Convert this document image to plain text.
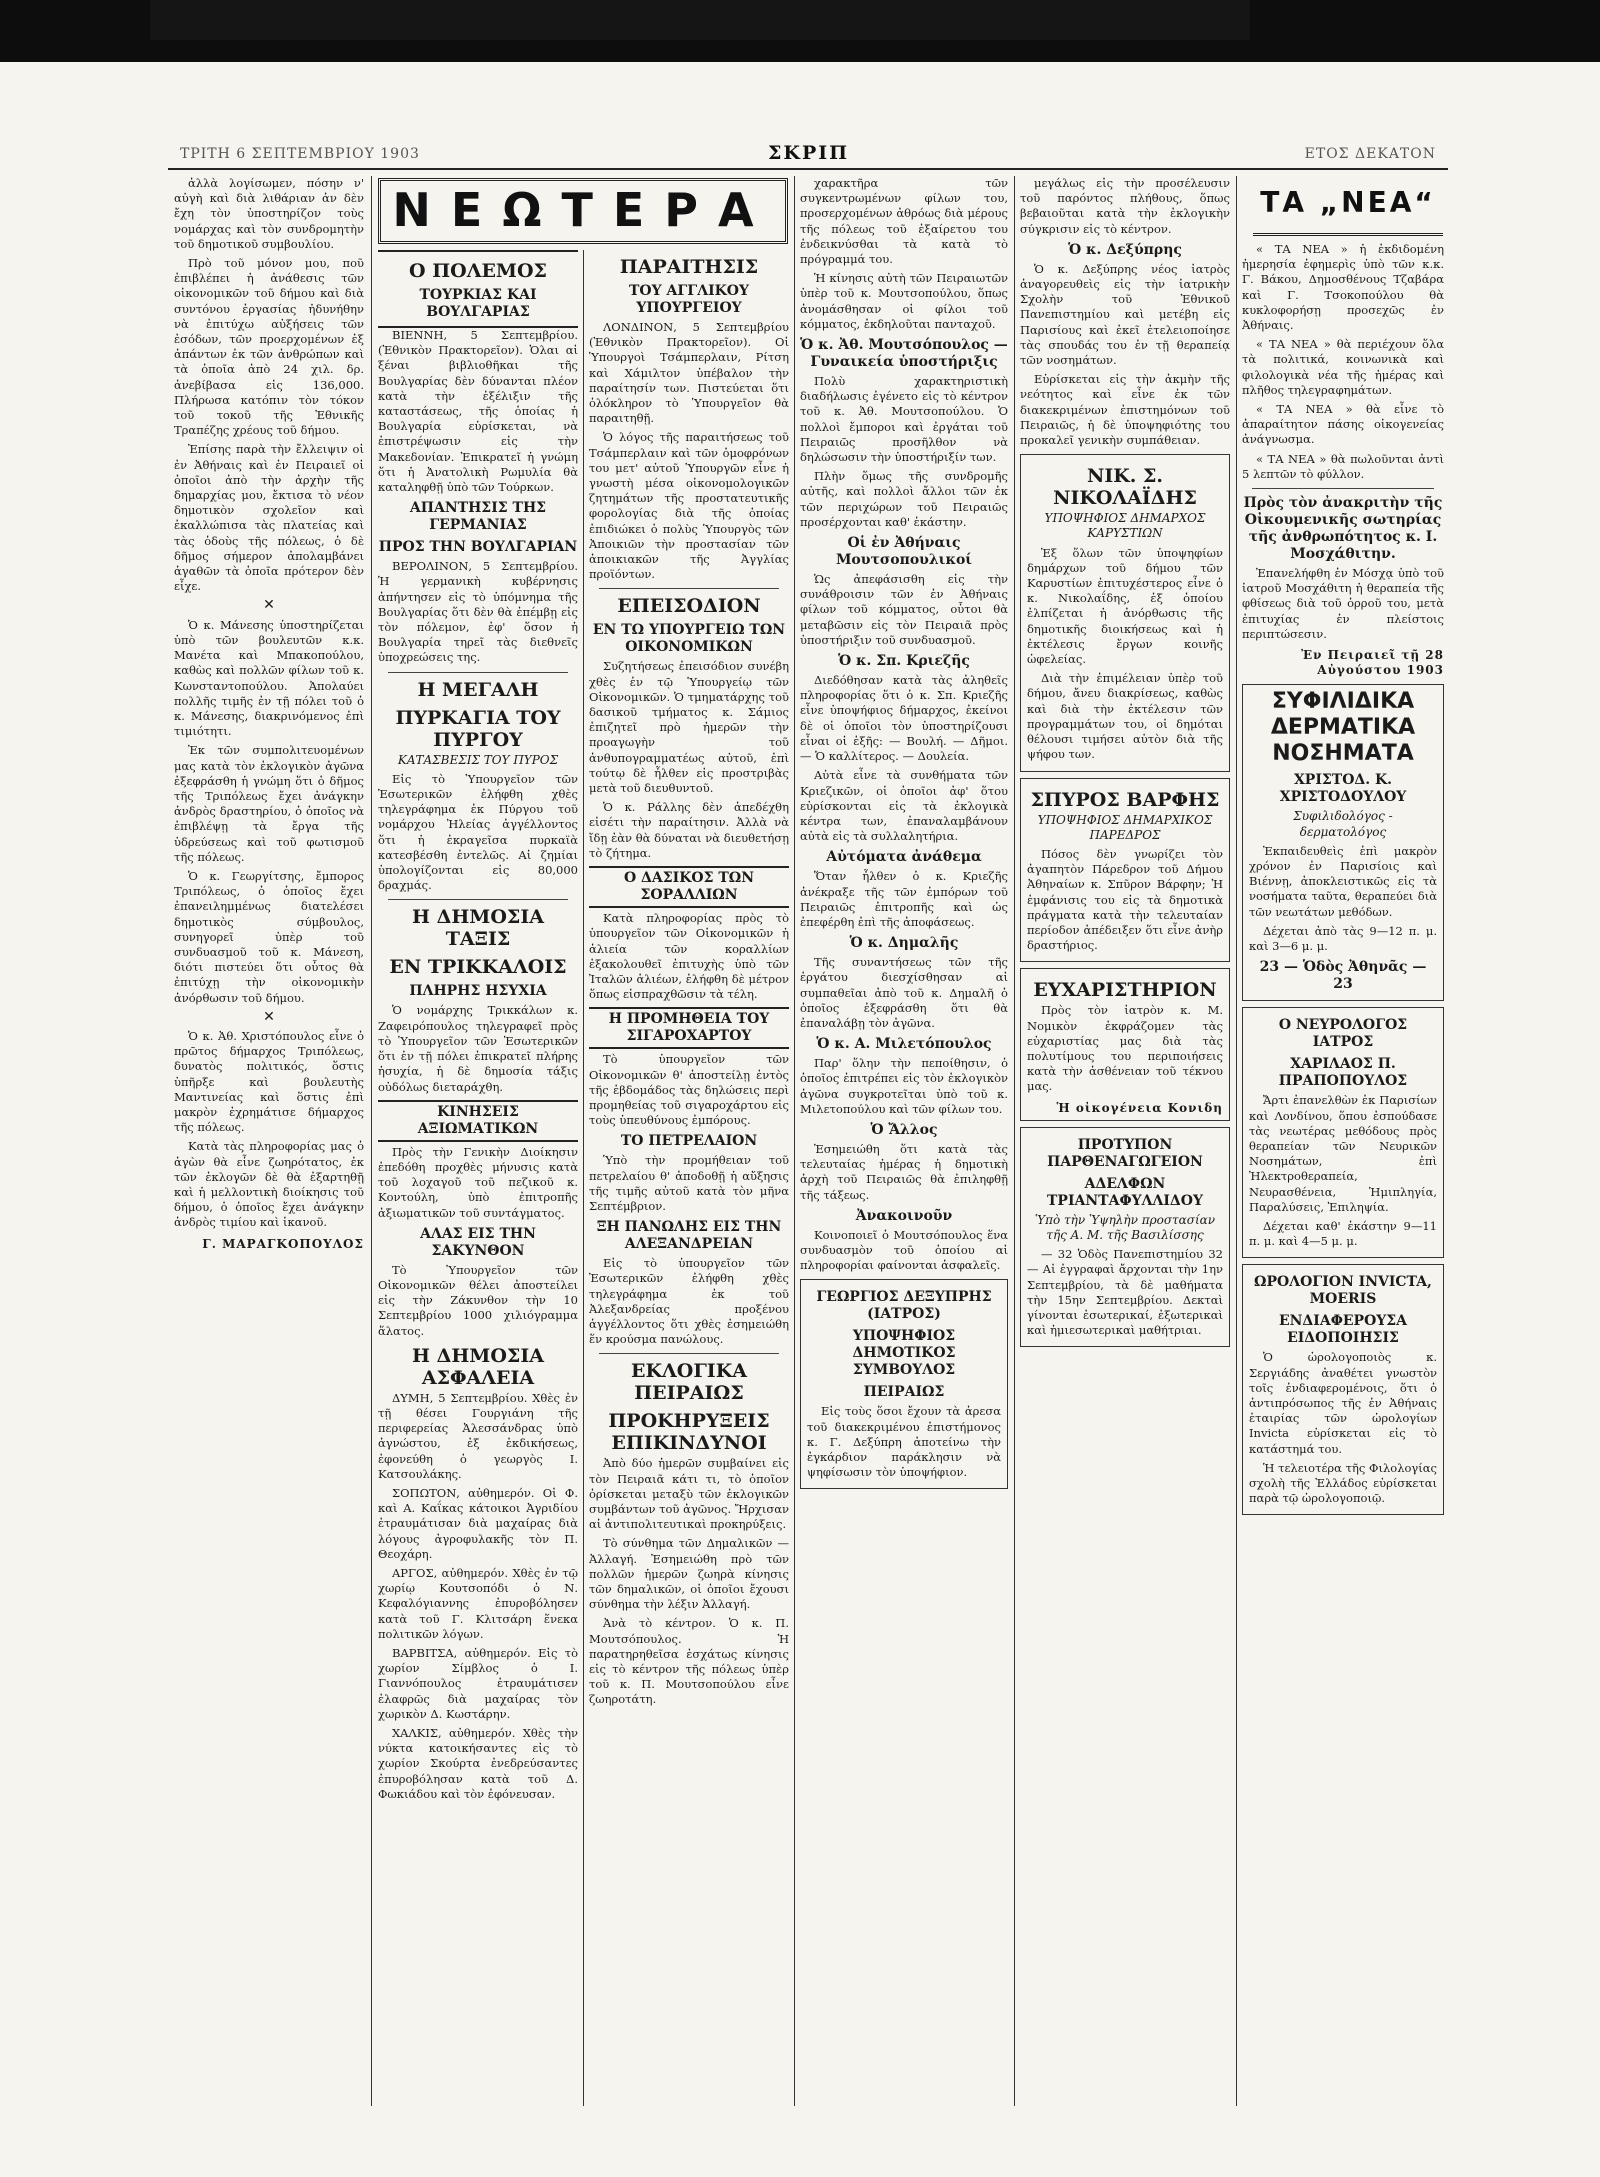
ΤΡΙΤΗ 6 ΣΕΠΤΕΜΒΡΙΟΥ 1903	ΣΚΡΙΠ	ΕΤΟΣ ΔΕΚΑΤΟΝ

ἀλλὰ λογίσωμεν, πόσην ν' αὐγὴ καὶ διὰ λιθάριαν ἀν δὲν ἔχη τὸν ὑποστηρίζον τοὺς νομάρχας καὶ τὸν συνδρομητὴν τοῦ δημοτικοῦ συμβουλίου.

Πρὸ τοῦ μόνον μου, ποῦ ἐπιβλέπει ἡ ἀνάθεσις τῶν οἰκονομικῶν τοῦ δήμου καὶ διὰ συντόνου ἐργασίας ἠδυνήθην νὰ ἐπιτύχω αὐξήσεις τῶν ἐσόδων, τῶν προερχομένων ἐξ ἀπάντων ἐκ τῶν ἀνθρώπων καὶ τὰ ὁποῖα ἀπὸ 24 χιλ. δρ. ἀνεβίβασα εἰς 136,000. Πλήρωσα κατόπιν τὸν τόκον τοῦ τοκοῦ τῆς Ἐθνικῆς Τραπέζης χρέους τοῦ δήμου.

Ἐπίσης παρὰ τὴν ἔλλειψιν οἱ ἐν Ἀθήναις καὶ ἐν Πειραιεῖ οἱ ὁποῖοι ἀπὸ τὴν ἀρχὴν τῆς δημαρχίας μου, ἔκτισα τὸ νέον δημοτικὸν σχολεῖον καὶ ἐκαλλώπισα τὰς πλατείας καὶ τὰς ὁδοὺς τῆς πόλεως, ὁ δὲ δῆμος σήμερον ἀπολαμβάνει ἀγαθῶν τὰ ὁποῖα πρότερον δὲν εἶχε.

✕

Ὁ κ. Μάνεσης ὑποστηρίζεται ὑπὸ τῶν βουλευτῶν κ.κ. Μανέτα καὶ Μπακοπούλου, καθὼς καὶ πολλῶν φίλων τοῦ κ. Κωνσταντοπούλου. Ἀπολαύει πολλῆς τιμῆς ἐν τῇ πόλει τοῦ ὁ κ. Μάνεσης, διακρινόμενος ἐπὶ τιμιότητι.

Ἐκ τῶν συμπολιτευομένων μας κατὰ τὸν ἐκλογικὸν ἀγῶνα ἐξεφράσθη ἡ γνώμη ὅτι ὁ δῆμος τῆς Τριπόλεως ἔχει ἀνάγκην ἀνδρὸς δραστηρίου, ὁ ὁποῖος νὰ ἐπιβλέψῃ τὰ ἔργα τῆς ὑδρεύσεως καὶ τοῦ φωτισμοῦ τῆς πόλεως.

Ὁ κ. Γεωργίτσης, ἔμπορος Τριπόλεως, ὁ ὁποῖος ἔχει ἐπανειλημμένως διατελέσει δημοτικὸς σύμβουλος, συνηγορεῖ ὑπὲρ τοῦ συνδυασμοῦ τοῦ κ. Μάνεση, διότι πιστεύει ὅτι οὗτος θὰ ἐπιτύχῃ τὴν οἰκονομικὴν ἀνόρθωσιν τοῦ δήμου.

✕

Ὁ κ. Ἀθ. Χριστόπουλος εἶνε ὁ πρῶτος δήμαρχος Τριπόλεως, δυνατὸς πολιτικός, ὅστις ὑπῆρξε καὶ βουλευτὴς Μαντινείας καὶ ὅστις ἐπὶ μακρὸν ἐχρημάτισε δήμαρχος τῆς πόλεως.

Κατὰ τὰς πληροφορίας μας ὁ ἀγὼν θὰ εἶνε ζωηρότατος, ἐκ τῶν ἐκλογῶν δὲ θὰ ἐξαρτηθῇ καὶ ἡ μελλοντικὴ διοίκησις τοῦ δήμου, ὁ ὁποῖος ἔχει ἀνάγκην ἀνδρὸς τιμίου καὶ ἱκανοῦ.

Γ. ΜΑΡΑΓΚΟΠΟΥΛΟΣ
ΝΕΩΤΕΡΑ	ΤΑ „ΝΕΑ“
Ο ΠΟΛΕΜΟΣ
ΤΟΥΡΚΙΑΣ ΚΑΙ ΒΟΥΛΓΑΡΙΑΣ

ΒΙΕΝΝΗ, 5 Σεπτεμβρίου. (Ἐθνικὸν Πρακτορεῖον). Ὁλαι αἱ ξέναι βιβλιοθῆκαι τῆς Βουλγαρίας δὲν δύνανται πλέον κατὰ τὴν ἐξέλιξιν τῆς καταστάσεως, τῆς ὁποίας ἡ Βουλγαρία εὑρίσκεται, νὰ ἐπιστρέψωσιν εἰς τὴν Μακεδονίαν. Ἐπικρατεῖ ἡ γνώμη ὅτι ἡ Ἀνατολικὴ Ρωμυλία θὰ καταληφθῇ ὑπὸ τῶν Τούρκων.

ΑΠΑΝΤΗΣΙΣ ΤΗΣ ΓΕΡΜΑΝΙΑΣ
ΠΡΟΣ ΤΗΝ ΒΟΥΛΓΑΡΙΑΝ

ΒΕΡΟΛΙΝΟΝ, 5 Σεπτεμβρίου. Ἡ γερμανικὴ κυβέρνησις ἀπήντησεν εἰς τὸ ὑπόμνημα τῆς Βουλγαρίας ὅτι δὲν θὰ ἐπέμβῃ εἰς τὸν πόλεμον, ἐφ' ὅσον ἡ Βουλγαρία τηρεῖ τὰς διεθνεῖς ὑποχρεώσεις της.

Η ΜΕΓΑΛΗ
ΠΥΡΚΑΓΙΑ ΤΟΥ ΠΥΡΓΟΥ
ΚΑΤΑΣΒΕΣΙΣ ΤΟΥ ΠΥΡΟΣ

Εἰς τὸ Ὑπουργεῖον τῶν Ἐσωτερικῶν ἐλήφθη χθὲς τηλεγράφημα ἐκ Πύργου τοῦ νομάρχου Ἠλείας ἀγγέλλοντος ὅτι ἡ ἐκραγεῖσα πυρκαϊὰ κατεσβέσθη ἐντελῶς. Αἱ ζημίαι ὑπολογίζονται εἰς 80,000 δραχμάς.

Η ΔΗΜΟΣΙΑ ΤΑΞΙΣ
ΕΝ ΤΡΙΚΚΑΛΟΙΣ
ΠΛΗΡΗΣ ΗΣΥΧΙΑ

Ὁ νομάρχης Τρικκάλων κ. Ζαφειρόπουλος τηλεγραφεῖ πρὸς τὸ Ὑπουργεῖον τῶν Ἐσωτερικῶν ὅτι ἐν τῇ πόλει ἐπικρατεῖ πλήρης ἡσυχία, ἡ δὲ δημοσία τάξις οὐδόλως διεταράχθη.

ΚΙΝΗΣΕΙΣ ΑΞΙΩΜΑΤΙΚΩΝ

Πρὸς τὴν Γενικὴν Διοίκησιν ἐπεδόθη προχθὲς μήνυσις κατὰ τοῦ λοχαγοῦ τοῦ πεζικοῦ κ. Κοντούλη, ὑπὸ ἐπιτροπῆς ἀξιωματικῶν τοῦ συντάγματος.

ΑΛΑΣ ΕΙΣ ΤΗΝ ΣΑΚΥΝΘΟΝ

Τὸ Ὑπουργεῖον τῶν Οἰκονομικῶν θέλει ἀποστείλει εἰς τὴν Ζάκυνθον τὴν 10 Σεπτεμβρίου 1000 χιλιόγραμμα ἅλατος.

Η ΔΗΜΟΣΙΑ ΑΣΦΑΛΕΙΑ

ΔΥΜΗ, 5 Σεπτεμβρίου. Χθὲς ἐν τῇ θέσει Γουργιάνη τῆς περιφερείας Ἀλεσσάνδρας ὑπὸ ἀγνώστου, ἐξ ἐκδικήσεως, ἐφονεύθη ὁ γεωργὸς Ι. Κατσουλάκης.

ΣΟΠΩΤΟΝ, αὐθημερόν. Οἱ Φ. καὶ Α. Καΐκας κάτοικοι Ἀγριδίου ἐτραυμάτισαν διὰ μαχαίρας διὰ λόγους ἀγροφυλακῆς τὸν Π. Θεοχάρη.

ΑΡΓΟΣ, αὐθημερόν. Χθὲς ἐν τῷ χωρίῳ Κουτσοπόδι ὁ Ν. Κεφαλόγιαννης ἐπυροβόλησεν κατὰ τοῦ Γ. Κλιτσάρη ἕνεκα πολιτικῶν λόγων.

ΒΑΡΒΙΤΣΑ, αὐθημερόν. Εἰς τὸ χωρίον Σίμβλος ὁ Ι. Γιαννόπουλος ἐτραυμάτισεν ἐλαφρῶς διὰ μαχαίρας τὸν χωρικὸν Δ. Κωστάρην.

ΧΑΛΚΙΣ, αὐθημερόν. Χθὲς τὴν νύκτα κατοικήσαντες εἰς τὸ χωρίον Σκούρτα ἐνεδρεύσαντες ἐπυροβόλησαν κατὰ τοῦ Δ. Φωκιάδου καὶ τὸν ἐφόνευσαν.

ΠΑΡΑΙΤΗΣΙΣ
ΤΟΥ ΑΓΓΛΙΚΟΥ ΥΠΟΥΡΓΕΙΟΥ

ΛΟΝΔΙΝΟΝ, 5 Σεπτεμβρίου (Ἐθνικὸν Πρακτορεῖον). Οἱ Ὑπουργοὶ Τσάμπερλαιν, Ρίτση καὶ Χάμιλτον ὑπέβαλον τὴν παραίτησίν των. Πιστεύεται ὅτι ὁλόκληρον τὸ Ὑπουργεῖον θὰ παραιτηθῇ.

Ὁ λόγος τῆς παραιτήσεως τοῦ Τσάμπερλαιν καὶ τῶν ὁμοφρόνων του μετ' αὐτοῦ Ὑπουργῶν εἶνε ἡ γνωστὴ μέσα οἰκονομολογικῶν ζητημάτων τῆς προστατευτικῆς φορολογίας διὰ τῆς ὁποίας ἐπιδιώκει ὁ πολὺς Ὑπουργὸς τῶν Ἀποικιῶν τὴν προστασίαν τῶν ἀποικιακῶν τῆς Ἀγγλίας προϊόντων.

ΕΠΕΙΣΟΔΙΟΝ
ΕΝ ΤΩ ΥΠΟΥΡΓΕΙΩ ΤΩΝ ΟΙΚΟΝΟΜΙΚΩΝ

Συζητήσεως ἐπεισόδιον συνέβη χθὲς ἐν τῷ Ὑπουργείῳ τῶν Οἰκονομικῶν. Ὁ τμηματάρχης τοῦ δασικοῦ τμήματος κ. Σάμιος ἐπιζητεῖ πρὸ ἡμερῶν τὴν προαγωγὴν τοῦ ἀνθυπογραμματέως αὐτοῦ, ἐπὶ τούτῳ δὲ ἦλθεν εἰς προστριβὰς μετὰ τοῦ διευθυντοῦ.

Ὁ κ. Ράλλης δὲν ἀπεδέχθη εἰσέτι τὴν παραίτησιν. Ἀλλὰ νὰ ἴδῃ ἐὰν θὰ δύναται νὰ διευθετήσῃ τὸ ζήτημα.

Ο ΔΑΣΙΚΟΣ ΤΩΝ ΣΟΡΑΛΛΙΩΝ

Κατὰ πληροφορίας πρὸς τὸ ὑπουργεῖον τῶν Οἰκονομικῶν ἡ ἁλιεία τῶν κοραλλίων ἐξακολουθεῖ ἐπιτυχὴς ὑπὸ τῶν Ἰταλῶν ἁλιέων, ἐλήφθη δὲ μέτρον ὅπως εἰσπραχθῶσιν τὰ τέλη.

Η ΠΡΟΜΗΘΕΙΑ ΤΟΥ ΣΙΓΑΡΟΧΑΡΤΟΥ

Τὸ ὑπουργεῖον τῶν Οἰκονομικῶν θ' ἀποστείλῃ ἐντὸς τῆς ἑβδομάδος τὰς δηλώσεις περὶ προμηθείας τοῦ σιγαροχάρτου εἰς τοὺς ὑπευθύνους ἐμπόρους.

ΤΟ ΠΕΤΡΕΛΑΙΟΝ

Ὑπὸ τὴν προμήθειαν τοῦ πετρελαίου θ' ἀποδοθῇ ἡ αὔξησις τῆς τιμῆς αὐτοῦ κατὰ τὸν μῆνα Σεπτέμβριον.

ΞΗ ΠΑΝΩΛΗΣ ΕΙΣ ΤΗΝ ΑΛΕΞΑΝΔΡΕΙΑΝ

Εἰς τὸ ὑπουργεῖον τῶν Ἐσωτερικῶν ἐλήφθη χθὲς τηλεγράφημα ἐκ τοῦ Ἀλεξανδρείας προξένου ἀγγέλλοντος ὅτι χθὲς ἐσημειώθη ἕν κρούσμα πανώλους.

ΕΚΛΟΓΙΚΑ ΠΕΙΡΑΙΩΣ
ΠΡΟΚΗΡΥΞΕΙΣ ΕΠΙΚΙΝΔΥΝΟΙ

Ἀπὸ δύο ἡμερῶν συμβαίνει εἰς τὸν Πειραιᾶ κάτι τι, τὸ ὁποῖον ὁρίσκεται μεταξὺ τῶν ἐκλογικῶν συμβάντων τοῦ ἀγῶνος. Ἤρχισαν αἱ ἀντιπολιτευτικαὶ προκηρύξεις.

Τὸ σύνθημα τῶν Δημαλικῶν — Ἀλλαγή. Ἐσημειώθη πρὸ τῶν πολλῶν ἡμερῶν ζωηρὰ κίνησις τῶν δημαλικῶν, οἱ ὁποῖοι ἔχουσι σύνθημα τὴν λέξιν Ἀλλαγή.

Ἀνὰ τὸ κέντρον. Ὁ κ. Π. Μουτσόπουλος. Ἡ παρατηρηθεῖσα ἐσχάτως κίνησις εἰς τὸ κέντρον τῆς πόλεως ὑπὲρ τοῦ κ. Π. Μουτσοπούλου εἶνε ζωηροτάτη.

χαρακτῆρα τῶν συγκεντρωμένων φίλων του, προσερχομένων ἀθρόως διὰ μέρους τῆς πόλεως τοῦ ἐξαίρετου του ἐνδεικνύσθαι τὰ κατὰ τὸ πρόγραμμά του.

Ἡ κίνησις αὐτὴ τῶν Πειραιωτῶν ὑπὲρ τοῦ κ. Μουτσοπούλου, ὅπως ἀνομάσθησαν οἱ φίλοι τοῦ κόμματος, ἐκδηλοῦται πανταχοῦ.

Ὁ κ. Ἀθ. Μουτσόπουλος — Γυναικεία ὑποστήριξις

Πολὺ χαρακτηριστικὴ διαδήλωσις ἐγένετο εἰς τὸ κέντρον τοῦ κ. Ἀθ. Μουτσοπούλου. Ὁ πολλοὶ ἔμποροι καὶ ἐργάται τοῦ Πειραιῶς προσῆλθον νὰ δηλώσωσιν τὴν ὑποστήριξίν των.

Πλὴν ὅμως τῆς συνδρομῆς αὐτῆς, καὶ πολλοὶ ἄλλοι τῶν ἐκ τῶν περιχώρων τοῦ Πειραιῶς προσέρχονται καθ' ἑκάστην.

Οἱ ἐν Ἀθήναις Μουτσοπουλικοί

Ὡς ἀπεφάσισθη εἰς τὴν συνάθροισιν τῶν ἐν Ἀθήναις φίλων τοῦ κόμματος, οὗτοι θὰ μεταβῶσιν εἰς τὸν Πειραιᾶ πρὸς ὑποστήριξιν τοῦ συνδυασμοῦ.

Ὁ κ. Σπ. Κριεζῆς

Διεδόθησαν κατὰ τὰς ἀληθεῖς πληροφορίας ὅτι ὁ κ. Σπ. Κριεζῆς εἶνε ὑποψήφιος δήμαρχος, ἐκείνοι δὲ οἱ ὁποῖοι τὸν ὑποστηρίζουσι εἶναι οἱ ἑξῆς: — Βουλή. — Δῆμοι. — Ὁ καλλίτερος. — Δουλεία.

Αὐτὰ εἶνε τὰ συνθήματα τῶν Κριεζικῶν, οἱ ὁποῖοι ἀφ' ὅτου εὑρίσκονται εἰς τὰ ἐκλογικὰ κέντρα των, ἐπαναλαμβάνουν αὐτὰ εἰς τὰ συλλαλητήρια.

Αὐτόματα ἀνάθεμα

Ὅταν ἦλθεν ὁ κ. Κριεζῆς ἀνέκραξε τῆς τῶν ἐμπόρων τοῦ Πειραιῶς ἐπιτροπῆς καὶ ὡς ἐπεφέρθη ἐπὶ τῆς ἀποφάσεως.

Ὁ κ. Δημαλῆς

Τῆς συναντήσεως τῶν τῆς ἐργάτου διεσχίσθησαν αἱ συμπαθεῖαι ἀπὸ τοῦ κ. Δημαλῆ ὁ ὁποῖος ἐξεφράσθη ὅτι θὰ ἐπαναλάβῃ τὸν ἀγῶνα.

Ὁ κ. Α. Μιλετόπουλος

Παρ' ὅλην τὴν πεποίθησιν, ὁ ὁποῖος ἐπιτρέπει εἰς τὸν ἐκλογικὸν ἀγῶνα συγκροτεῖται ὑπὸ τοῦ κ. Μιλετοπούλου καὶ τῶν φίλων του.

Ὁ Ἄλλος

Ἐσημειώθη ὅτι κατὰ τὰς τελευταίας ἡμέρας ἡ δημοτικὴ ἀρχὴ τοῦ Πειραιῶς θὰ ἐπιληφθῇ τῆς τάξεως.

Ἀνακοινοῦν

Κοινοποιεῖ ὁ Μουτσόπουλος ἕνα συνδυασμὸν τοῦ ὁποίου αἱ πληροφορίαι φαίνονται ἀσφαλεῖς.

ΓΕΩΡΓΙΟΣ ΔΕΞΥΠΡΗΣ (ΙΑΤΡΟΣ)
ΥΠΟΨΗΦΙΟΣ ΔΗΜΟΤΙΚΟΣ ΣΥΜΒΟΥΛΟΣ
ΠΕΙΡΑΙΩΣ

Εἰς τοὺς ὅσοι ἔχουν τὰ ἀρεσα τοῦ διακεκριμένου ἐπιστήμονος κ. Γ. Δεξύπρη ἀποτείνω τὴν ἐγκάρδιον παράκλησιν νὰ ψηφίσωσιν τὸν ὑποψήφιον.

μεγάλως εἰς τὴν προσέλευσιν τοῦ παρόντος πλήθους, ὅπως βεβαιοῦται κατὰ τὴν ἐκλογικὴν σύγκρισιν εἰς τὸ κέντρον.

Ὁ κ. Δεξύπρης

Ὁ κ. Δεξύπρης νέος ἰατρὸς ἀναγορευθεὶς εἰς τὴν ἰατρικὴν Σχολὴν τοῦ Ἐθνικοῦ Πανεπιστημίου καὶ μετέβη εἰς Παρισίους καὶ ἐκεῖ ἐτελειοποίησε τὰς σπουδάς του ἐν τῇ θεραπείᾳ τῶν νοσημάτων.

Εὑρίσκεται εἰς τὴν ἀκμὴν τῆς νεότητος καὶ εἶνε ἐκ τῶν διακεκριμένων ἐπιστημόνων τοῦ Πειραιῶς, ἡ δὲ ὑποψηφιότης του προκαλεῖ γενικὴν συμπάθειαν.

ΝΙΚ. Σ. ΝΙΚΟΛΑΪΔΗΣ
ΥΠΟΨΗΦΙΟΣ ΔΗΜΑΡΧΟΣ ΚΑΡΥΣΤΙΩΝ

Ἐξ ὅλων τῶν ὑποψηφίων δημάρχων τοῦ δήμου τῶν Καρυστίων ἐπιτυχέστερος εἶνε ὁ κ. Νικολαΐδης, ἐξ ὁποίου ἐλπίζεται ἡ ἀνόρθωσις τῆς δημοτικῆς διοικήσεως καὶ ἡ ἐκτέλεσις ἔργων κοινῆς ὠφελείας.

Διὰ τὴν ἐπιμέλειαν ὑπὲρ τοῦ δήμου, ἄνευ διακρίσεως, καθὼς καὶ διὰ τὴν ἐκτέλεσιν τῶν προγραμμάτων του, οἱ δημόται θέλουσι τιμήσει αὐτὸν διὰ τῆς ψήφου των.

ΣΠΥΡΟΣ ΒΑΡΦΗΣ
ΥΠΟΨΗΦΙΟΣ ΔΗΜΑΡΧΙΚΟΣ ΠΑΡΕΔΡΟΣ

Πόσος δὲν γνωρίζει τὸν ἀγαπητὸν Πάρεδρον τοῦ Δήμου Ἀθηναίων κ. Σπῦρον Βάρφην; Ἡ ἐμφάνισις του εἰς τὰ δημοτικὰ πράγματα κατὰ τὴν τελευταίαν περίοδον ἀπέδειξεν ὅτι εἶνε ἀνὴρ δραστήριος.

ΕΥΧΑΡΙΣΤΗΡΙΟΝ

Πρὸς τὸν ἰατρὸν κ. Μ. Νομικὸν ἐκφράζομεν τὰς εὐχαριστίας μας διὰ τὰς πολυτίμους του περιποιήσεις κατὰ τὴν ἀσθένειαν τοῦ τέκνου μας.

Ἡ οἰκογένεια Κονιδη
ΠΡΟΤΥΠΟΝ ΠΑΡΘΕΝΑΓΩΓΕΙΟΝ
ΑΔΕΛΦΩΝ ΤΡΙΑΝΤΑΦΥΛΛΙΔΟΥ
Ὑπὸ τὴν Ὑψηλὴν προστασίαν τῆς Α. Μ. τῆς Βασιλίσσης

— 32 Ὁδὸς Πανεπιστημίου 32 — Αἱ ἐγγραφαὶ ἄρχονται τὴν 1ην Σεπτεμβρίου, τὰ δὲ μαθήματα τὴν 15ην Σεπτεμβρίου. Δεκταὶ γίνονται ἐσωτερικαί, ἐξωτερικαὶ καὶ ἡμιεσωτερικαὶ μαθήτριαι.

« ΤΑ ΝΕΑ » ἡ ἐκδιδομένη ἡμερησία ἐφημερὶς ὑπὸ τῶν κ.κ. Γ. Βάκου, Δημοσθένους Τζαβάρα καὶ Γ. Τσοκοπούλου θὰ κυκλοφορήσῃ προσεχῶς ἐν Ἀθήναις.

« ΤΑ ΝΕΑ » θὰ περιέχουν ὅλα τὰ πολιτικά, κοινωνικὰ καὶ φιλολογικὰ νέα τῆς ἡμέρας καὶ πλῆθος τηλεγραφημάτων.

« ΤΑ ΝΕΑ » θὰ εἶνε τὸ ἀπαραίτητον πάσης οἰκογενείας ἀνάγνωσμα.

« ΤΑ ΝΕΑ » θὰ πωλοῦνται ἀντὶ 5 λεπτῶν τὸ φύλλον.

Πρὸς τὸν ἀνακριτὴν τῆς Οἰκουμενικῆς σωτηρίας τῆς ἀνθρωπότητος κ. Ι. Μοσχάθιτην.

Ἐπανελήφθη ἐν Μόσχᾳ ὑπὸ τοῦ ἰατροῦ Μοσχάθιτη ἡ θεραπεία τῆς φθίσεως διὰ τοῦ ὀρροῦ του, μετὰ ἐπιτυχίας ἐν πλείστοις περιπτώσεσιν.

Ἐν Πειραιεῖ τῇ 28 Αὐγούστου 1903
ΣΥΦΙΛΙΔΙΚΑ
ΔΕΡΜΑΤΙΚΑ
ΝΟΣΗΜΑΤΑ
ΧΡΙΣΤΟΔ. Κ. ΧΡΙΣΤΟΔΟΥΛΟΥ
Συφιλιδολόγος - δερματολόγος

Ἐκπαιδευθεὶς ἐπὶ μακρὸν χρόνον ἐν Παρισίοις καὶ Βιέννῃ, ἀποκλειστικῶς εἰς τὰ νοσήματα ταῦτα, θεραπεύει διὰ τῶν νεωτάτων μεθόδων.

Δέχεται ἀπὸ τὰς 9—12 π. μ. καὶ 3—6 μ. μ.

23 — Ὁδὸς Ἀθηνᾶς — 23
Ο ΝΕΥΡΟΛΟΓΟΣ ΙΑΤΡΟΣ
ΧΑΡΙΛΑΟΣ Π. ΠΡΑΠΟΠΟΥΛΟΣ

Ἄρτι ἐπανελθὼν ἐκ Παρισίων καὶ Λονδίνου, ὅπου ἐσπούδασε τὰς νεωτέρας μεθόδους πρὸς θεραπείαν τῶν Νευρικῶν Νοσημάτων, ἐπὶ Ἠλεκτροθεραπεία, Νευρασθένεια, Ἡμιπληγία, Παραλύσεις, Ἐπιληψία.

Δέχεται καθ' ἑκάστην 9—11 π. μ. καὶ 4—5 μ. μ.

ΩΡΟΛΟΓΙΟΝ INVICTA, MOERIS
ΕΝΔΙΑΦΕΡΟΥΣΑ ΕΙΔΟΠΟΙΗΣΙΣ

Ὁ ὡρολογοποιὸς κ. Σεργιάδης ἀναθέτει γνωστὸν τοῖς ἐνδιαφερομένοις, ὅτι ὁ ἀντιπρόσωπος τῆς ἐν Ἀθήναις ἑταιρίας τῶν ὡρολογίων Invicta εὑρίσκεται εἰς τὸ κατάστημά του.

Ἡ τελειοτέρα τῆς Φιλολογίας σχολὴ τῆς Ἑλλάδος εὑρίσκεται παρὰ τῷ ὡρολογοποιῷ.
